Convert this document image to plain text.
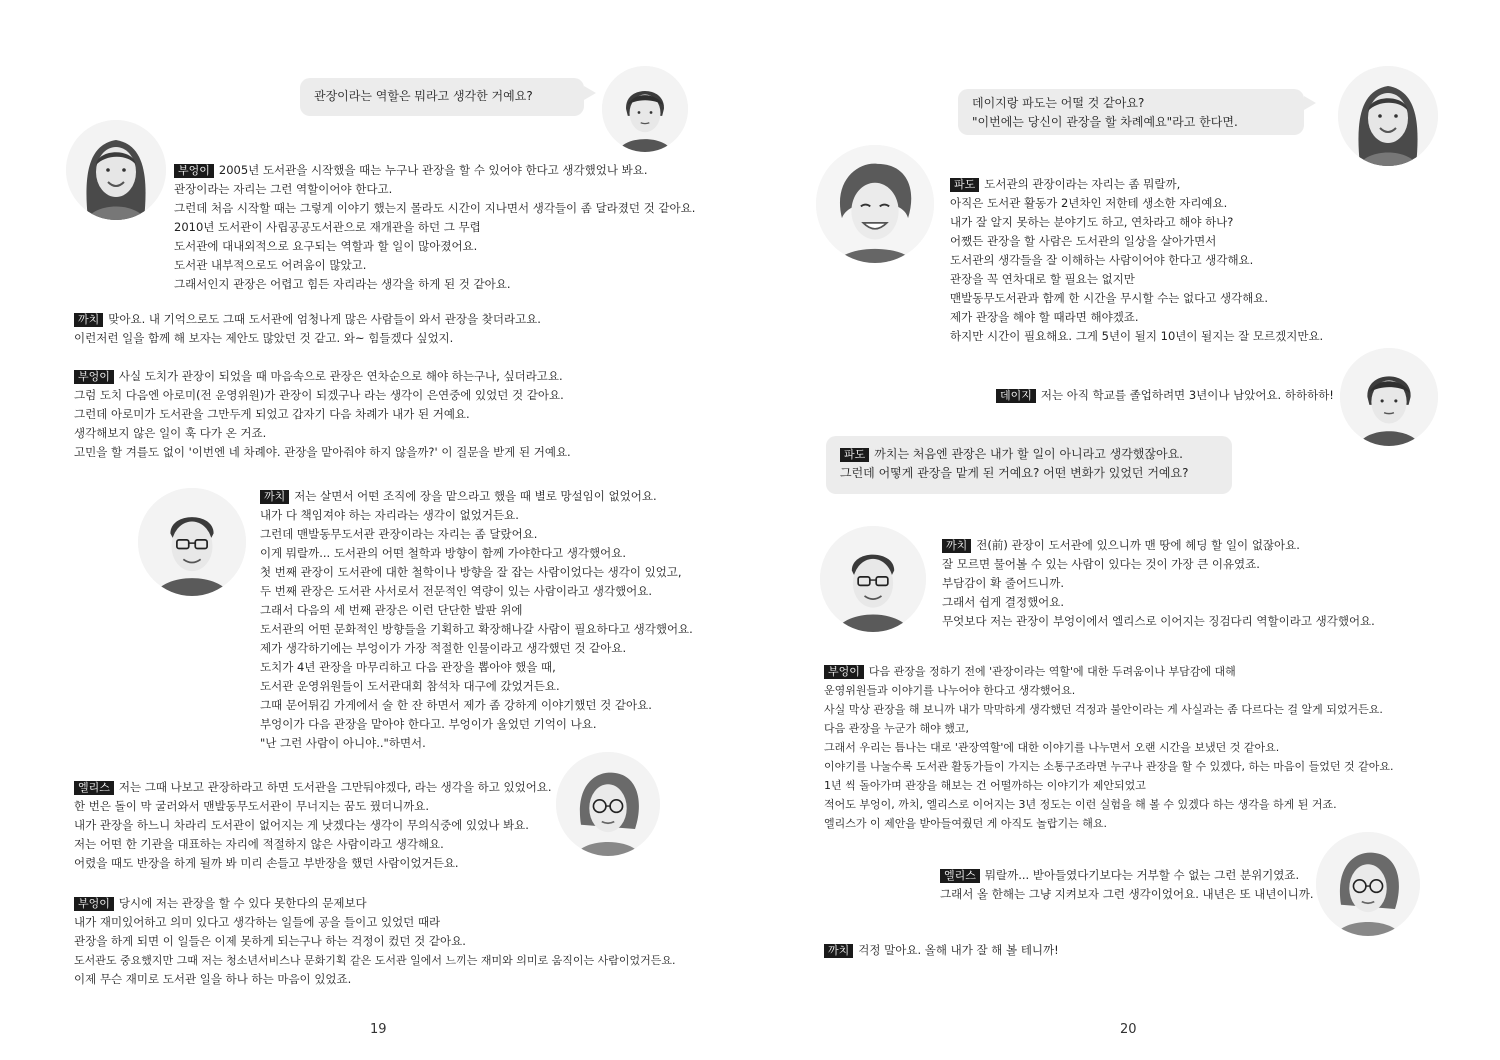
관장이라는 역할은 뭐라고 생각한 거예요?
부엉이 2005년 도서관을 시작했을 때는 누구나 관장을 할 수 있어야 한다고 생각했었나 봐요.
관장이라는 자리는 그런 역할이어야 한다고.
그런데 처음 시작할 때는 그렇게 이야기 했는지 몰라도 시간이 지나면서 생각들이 좀 달라졌던 것 같아요.
2010년 도서관이 사립공공도서관으로 재개관을 하던 그 무렵
도서관에 대내외적으로 요구되는 역할과 할 일이 많아졌어요.
도서관 내부적으로도 어려움이 많았고.
그래서인지 관장은 어렵고 힘든 자리라는 생각을 하게 된 것 같아요.
까치 맞아요. 내 기억으로도 그때 도서관에 엄청나게 많은 사람들이 와서 관장을 찾더라고요.
이런저런 일을 함께 해 보자는 제안도 많았던 것 같고. 와~ 힘들겠다 싶었지.
부엉이 사실 도치가 관장이 되었을 때 마음속으로 관장은 연차순으로 해야 하는구나, 싶더라고요.
그럼 도치 다음엔 아로미(전 운영위원)가 관장이 되겠구나 라는 생각이 은연중에 있었던 것 같아요.
그런데 아로미가 도서관을 그만두게 되었고 갑자기 다음 차례가 내가 된 거예요.
생각해보지 않은 일이 훅 다가 온 거죠.
고민을 할 겨를도 없이 '이번엔 네 차례야. 관장을 맡아줘야 하지 않을까?' 이 질문을 받게 된 거예요.
까치 저는 살면서 어떤 조직에 장을 맡으라고 했을 때 별로 망설임이 없었어요.
내가 다 책임져야 하는 자리라는 생각이 없었거든요.
그런데 맨발동무도서관 관장이라는 자리는 좀 달랐어요.
이게 뭐랄까... 도서관의 어떤 철학과 방향이 함께 가야한다고 생각했어요.
첫 번째 관장이 도서관에 대한 철학이나 방향을 잘 잡는 사람이었다는 생각이 있었고,
두 번째 관장은 도서관 사서로서 전문적인 역량이 있는 사람이라고 생각했어요.
그래서 다음의 세 번째 관장은 이런 단단한 발판 위에
도서관의 어떤 문화적인 방향들을 기획하고 확장해나갈 사람이 필요하다고 생각했어요.
제가 생각하기에는 부엉이가 가장 적절한 인물이라고 생각했던 것 같아요.
도치가 4년 관장을 마무리하고 다음 관장을 뽑아야 했을 때,
도서관 운영위원들이 도서관대회 참석차 대구에 갔었거든요.
그때 문어튀김 가게에서 술 한 잔 하면서 제가 좀 강하게 이야기했던 것 같아요.
부엉이가 다음 관장을 맡아야 한다고. 부엉이가 울었던 기억이 나요.
"난 그런 사람이 아니야.."하면서.
엘리스 저는 그때 나보고 관장하라고 하면 도서관을 그만둬야겠다, 라는 생각을 하고 있었어요.
한 번은 돌이 막 굴러와서 맨발동무도서관이 무너지는 꿈도 꿨더니까요.
내가 관장을 하느니 차라리 도서관이 없어지는 게 낫겠다는 생각이 무의식중에 있었나 봐요.
저는 어떤 한 기관을 대표하는 자리에 적절하지 않은 사람이라고 생각해요.
어렸을 때도 반장을 하게 될까 봐 미리 손들고 부반장을 했던 사람이었거든요.
부엉이 당시에 저는 관장을 할 수 있다 못한다의 문제보다
내가 재미있어하고 의미 있다고 생각하는 일들에 공을 들이고 있었던 때라
관장을 하게 되면 이 일들은 이제 못하게 되는구나 하는 걱정이 컸던 것 같아요.
도서관도 중요했지만 그때 저는 청소년서비스나 문화기획 같은 도서관 일에서 느끼는 재미와 의미로 움직이는 사람이었거든요.
이제 무슨 재미로 도서관 일을 하나 하는 마음이 있었죠.
19
데이지랑 파도는 어떨 것 같아요?
"이번에는 당신이 관장을 할 차례예요"라고 한다면.
파도 도서관의 관장이라는 자리는 좀 뭐랄까,
아직은 도서관 활동가 2년차인 저한테 생소한 자리예요.
내가 잘 알지 못하는 분야기도 하고, 연차라고 해야 하나?
어쨌든 관장을 할 사람은 도서관의 일상을 살아가면서
도서관의 생각들을 잘 이해하는 사람이어야 한다고 생각해요.
관장을 꼭 연차대로 할 필요는 없지만
맨발동무도서관과 함께 한 시간을 무시할 수는 없다고 생각해요.
제가 관장을 해야 할 때라면 해야겠죠.
하지만 시간이 필요해요. 그게 5년이 될지 10년이 될지는 잘 모르겠지만요.
데이지 저는 아직 학교를 졸업하려면 3년이나 남았어요. 하하하하!
파도 까치는 처음엔 관장은 내가 할 일이 아니라고 생각했잖아요.
그런데 어떻게 관장을 맡게 된 거예요? 어떤 변화가 있었던 거예요?
까치 전(前) 관장이 도서관에 있으니까 맨 땅에 헤딩 할 일이 없잖아요.
잘 모르면 물어볼 수 있는 사람이 있다는 것이 가장 큰 이유였죠.
부담감이 확 줄어드니까.
그래서 쉽게 결정했어요.
무엇보다 저는 관장이 부엉이에서 엘리스로 이어지는 징검다리 역할이라고 생각했어요.
부엉이 다음 관장을 정하기 전에 '관장이라는 역할'에 대한 두려움이나 부담감에 대해
운영위원들과 이야기를 나누어야 한다고 생각했어요.
사실 막상 관장을 해 보니까 내가 막막하게 생각했던 걱정과 불안이라는 게 사실과는 좀 다르다는 걸 알게 되었거든요.
다음 관장을 누군가 해야 했고,
그래서 우리는 틈나는 대로 '관장역할'에 대한 이야기를 나누면서 오랜 시간을 보냈던 것 같아요.
이야기를 나눌수록 도서관 활동가들이 가지는 소통구조라면 누구나 관장을 할 수 있겠다, 하는 마음이 들었던 것 같아요.
1년 씩 돌아가며 관장을 해보는 건 어떨까하는 이야기가 제안되었고
적어도 부엉이, 까치, 엘리스로 이어지는 3년 정도는 이런 실험을 해 볼 수 있겠다 하는 생각을 하게 된 거죠.
엘리스가 이 제안을 받아들여줬던 게 아직도 놀랍기는 해요.
엘리스 뭐랄까... 받아들였다기보다는 거부할 수 없는 그런 분위기였죠.
그래서 올 한해는 그냥 지켜보자 그런 생각이었어요. 내년은 또 내년이니까.
까치 걱정 말아요. 올해 내가 잘 해 볼 테니까!
20
